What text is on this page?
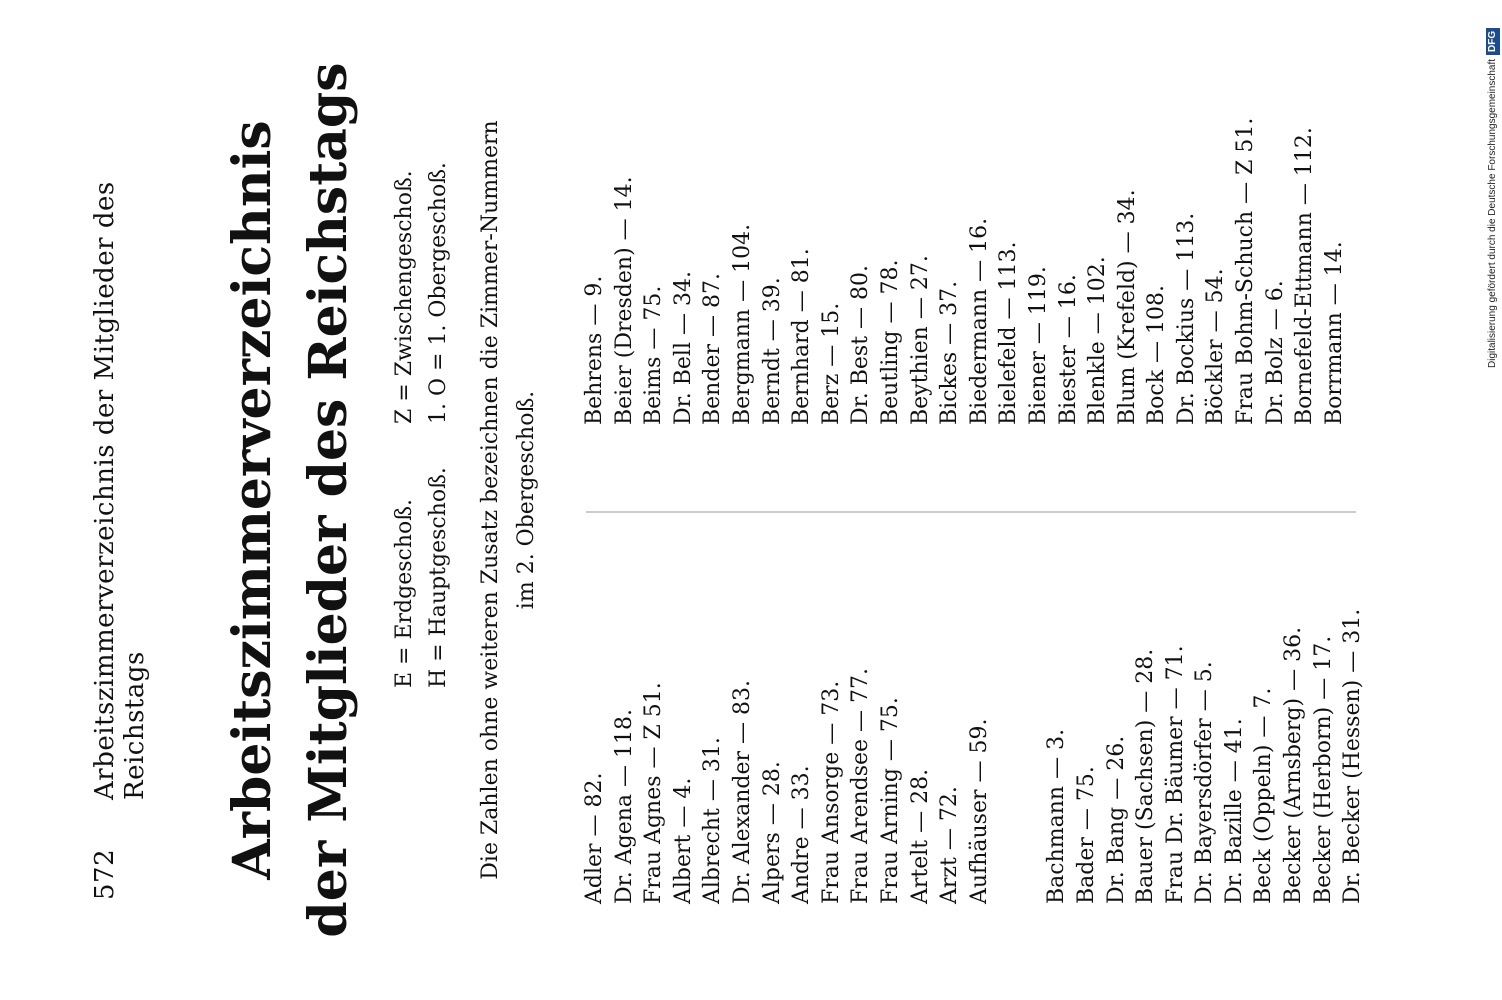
572
Arbeitszimmerverzeichnis der Mitglieder des Reichstags Arbeitszimmerverzeichnis der Mitglieder des Reichstags E = Erdgeschoß.
Z = Zwischengeschoß.
H = Hauptgeschoß.
1. O = 1. Obergeschoß. Die Zahlen ohne weiteren Zusatz bezeichnen die Zimmer-Nummern im 2. Obergeschoß.
Adler — 82. Dr. Agena — 118. Frau Agnes — Z 51. Albert — 4. Albrecht — 31. Dr. Alexander — 83. Alpers — 28. Andre — 33. Frau Ansorge — 73. Frau Arendsee — 77. Frau Arning — 75. Artelt — 28. Arzt — 72. Aufhäuser — 59. Bachmann — 3. Bader — 75. Dr. Bang — 26. Bauer (Sachsen) — 28. Frau Dr. Bäumer — 71. Dr. Bayersdörfer — 5. Dr. Bazille — 41. Beck (Oppeln) — 7. Becker (Arnsberg) — 36. Becker (Herborn) — 17. Dr. Becker (Hessen) — 31.
Behrens — 9. Beier (Dresden) — 14. Beims — 75. Dr. Bell — 34. Bender — 87. Bergmann — 104. Berndt — 39. Bernhard — 81. Berz — 15. Dr. Best — 80. Beutling — 78. Beythien — 27. Bickes — 37. Biedermann — 16. Bielefeld — 113. Biener — 119. Biester — 16. Blenkle — 102. Blum (Krefeld) — 34. Bock — 108. Dr. Bockius — 113. Böckler — 54. Frau Bohm-Schuch — Z 51. Dr. Bolz — 6. Bornefeld-Ettmann — 112. Borrmann — 14.	Digitalisierung gefördert durch die Deutsche ForschungsgemeinschaftDFG
